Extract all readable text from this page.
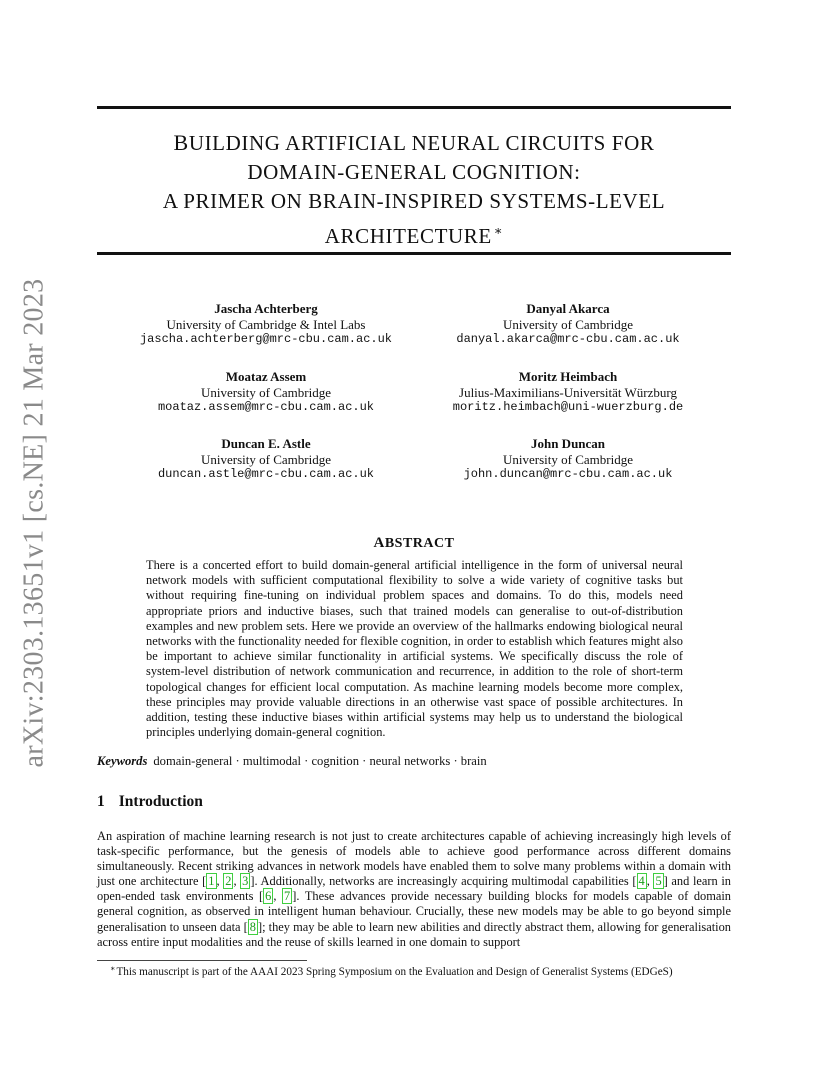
arXiv:2303.13651v1 [cs.NE] 21 Mar 2023
BUILDING ARTIFICIAL NEURAL CIRCUITS FOR
DOMAIN-GENERAL COGNITION:
A PRIMER ON BRAIN-INSPIRED SYSTEMS-LEVEL
ARCHITECTURE ∗
Jascha Achterberg
University of Cambridge & Intel Labs
jascha.achterberg@mrc-cbu.cam.ac.uk
Danyal Akarca
University of Cambridge
danyal.akarca@mrc-cbu.cam.ac.uk
Moataz Assem
University of Cambridge
moataz.assem@mrc-cbu.cam.ac.uk
Moritz Heimbach
Julius-Maximilians-Universität Würzburg
moritz.heimbach@uni-wuerzburg.de
Duncan E. Astle
University of Cambridge
duncan.astle@mrc-cbu.cam.ac.uk
John Duncan
University of Cambridge
john.duncan@mrc-cbu.cam.ac.uk
ABSTRACT

There is a concerted effort to build domain-general artificial intelligence in the form of universal neural network models with sufficient computational flexibility to solve a wide variety of cognitive tasks but without requiring fine-tuning on individual problem spaces and domains. To do this, models need appropriate priors and inductive biases, such that trained models can generalise to out-of-distribution examples and new problem sets. Here we provide an overview of the hallmarks endowing biological neural networks with the functionality needed for flexible cognition, in order to establish which features might also be important to achieve similar functionality in artificial systems. We specifically discuss the role of system-level distribution of network communication and recurrence, in addition to the role of short-term topological changes for efficient local computation. As machine learning models become more complex, these principles may provide valuable directions in an otherwise vast space of possible architectures. In addition, testing these inductive biases within artificial systems may help us to understand the biological principles underlying domain-general cognition.

Keywords domain-general · multimodal · cognition · neural networks · brain
1 Introduction

An aspiration of machine learning research is not just to create architectures capable of achieving increasingly high levels of task-specific performance, but the genesis of models able to achieve good performance across different domains simultaneously. Recent striking advances in network models have enabled them to solve many problems within a domain with just one architecture [ 1 , 2 , 3 ]. Additionally, networks are increasingly acquiring multimodal capabilities [ 4 , 5 ] and learn in open-ended task environments [ 6 , 7 ]. These advances provide necessary building blocks for models capable of domain general cognition, as observed in intelligent human behaviour. Crucially, these new models may be able to go beyond simple generalisation to unseen data [ 8 ]; they may be able to learn new abilities and directly abstract them, allowing for generalisation across entire input modalities and the reuse of skills learned in one domain to support

∗This manuscript is part of the AAAI 2023 Spring Symposium on the Evaluation and Design of Generalist Systems (EDGeS)
